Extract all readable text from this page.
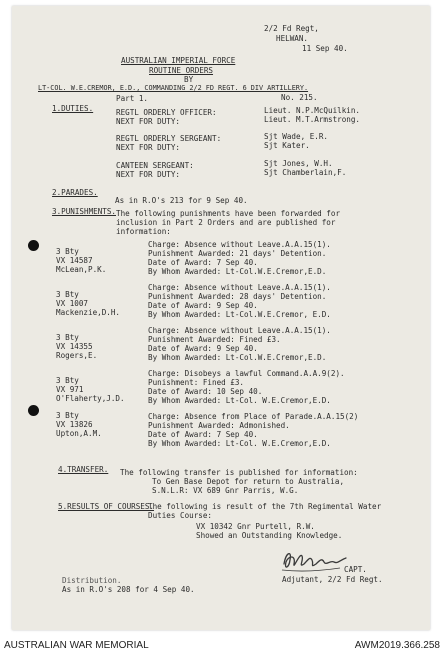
2/2 Fd Regt,
HELWAN.
11 Sep 40.
AUSTRALIAN IMPERIAL FORCE
ROUTINE ORDERS
BY
LT-COL. W.E.CREMOR, E.D., COMMANDING 2/2 FD REGT. 6 DIV ARTILLERY.
No. 215.
Part 1.
1.DUTIES.	REGTL ORDERLY OFFICER:	Lieut. N.P.McQuilkin.
NEXT FOR DUTY:	Lieut. M.T.Armstrong.
REGTL ORDERLY SERGEANT:	Sjt Wade, E.R.
NEXT FOR DUTY:	Sjt Kater.
CANTEEN SERGEANT:	Sjt Jones, W.H.
NEXT FOR DUTY:	Sjt Chamberlain,F.
2.PARADES.
As in R.O's 213 for 9 Sep 40.
3.PUNISHMENTS. The following punishments have been forwarded for
inclusion in Part 2 Orders and are published for
information:
3 Bty
VX 14587
McLean,P.K.
Charge: Absence without Leave.A.A.15(1).
Punishment Awarded: 21 days' Detention.
Date of Award: 7 Sep 40.
By Whom Awarded: Lt-Col.W.E.Cremor,E.D.
3 Bty
VX 1007
Mackenzie,D.H.
Charge: Absence without Leave.A.A.15(1).
Punishment Awarded: 28 days' Detention.
Date of Award: 9 Sep 40.
By Whom Awarded: Lt-Col.W.E.Cremor, E.D.
3 Bty
VX 14355
Rogers,E.
Charge: Absence without Leave.A.A.15(1).
Punishment Awarded: Fined £3.
Date of Award: 9 Sep 40.
By Whom Awarded: Lt-Col.W.E.Cremor,E.D.
3 Bty
VX 971
O'Flaherty,J.D.
Charge: Disobeys a lawful Command.A.A.9(2).
Punishment: Fined £3.
Date of Award: 10 Sep 40.
By Whom Awarded: Lt-Col. W.E.Cremor,E.D.
3 Bty
VX 13826
Upton,A.M.
Charge: Absence from Place of Parade.A.A.15(2)
Punishment Awarded: Admonished.
Date of Award: 7 Sep 40.
By Whom Awarded: Lt-Col. W.E.Cremor,E.D.
4.TRANSFER. The following transfer is published for information:
To Gen Base Depot for return to Australia,
S.N.L.R: VX 689 Gnr Parris, W.G.
5.RESULTS OF COURSES.
The following is result of the 7th Regimental Water
Duties Course:
VX 10342 Gnr Purtell, R.W.
Showed an Outstanding Knowledge.
CAPT.
Adjutant, 2/2 Fd Regt.
Distribution.
As in R.O's 208 for 4 Sep 40.
AUSTRALIAN WAR MEMORIAL	AWM2019.366.258
